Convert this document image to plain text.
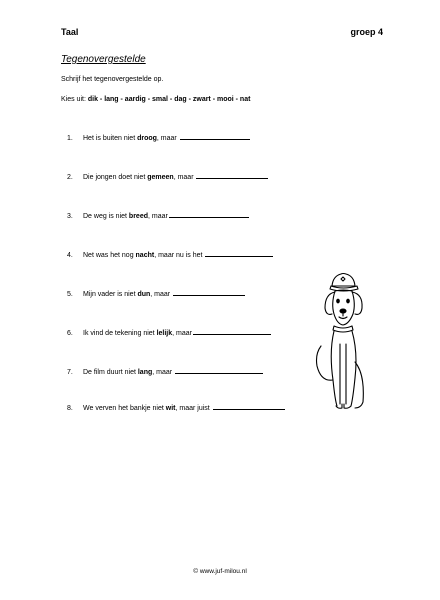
Taal	groep 4
Tegenovergestelde
Schrijf het tegenovergestelde op.
Kies uit: dik - lang - aardig - smal - dag - zwart - mooi - nat
1. Het is buiten niet droog, maar
2. Die jongen doet niet gemeen, maar
3. De weg is niet breed, maar
4. Net was het nog nacht, maar nu is het
5. Mijn vader is niet dun, maar
6. Ik vind de tekening niet lelijk, maar
7. De film duurt niet lang, maar
8. We verven het bankje niet wit, maar juist
© www.juf-milou.nl
